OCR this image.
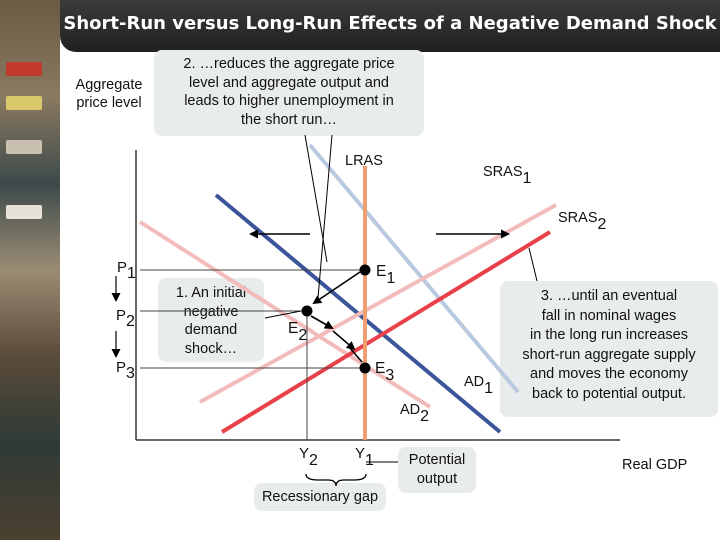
Short-Run versus Long-Run Effects of a Negative Demand Shock
Aggregate
price level
2. …reduces the aggregate price
level and aggregate output and
leads to higher unemployment in
the short run…
1. An initial
negative
demand
shock…
3. …until an eventual
fall in nominal wages
in the long run increases
short-run aggregate supply
and moves the economy
back to potential output.
Potential
output
Recessionary gap
Real GDP
LRAS
SRAS1
SRAS2
AD1
AD2
E1
E2
E3
P1
P2
P3
Y2 Y1
